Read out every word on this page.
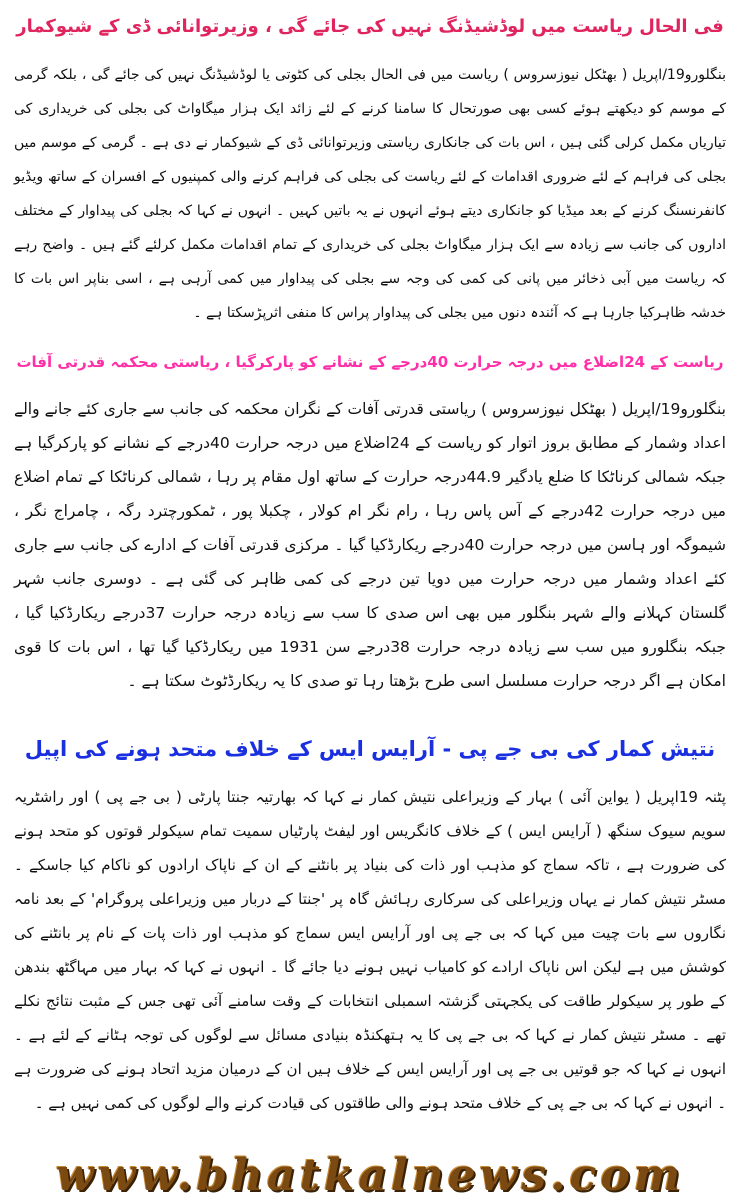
فی الحال ریاست میں لوڈشیڈنگ نہیں کی جائے گی ، وزیرتوانائی ڈی کے شیوکمار

بنگلورو19/اپریل ( بھٹکل نیوزسروس ) ریاست میں فی الحال بجلی کی کٹوتی یا لوڈشیڈنگ نہیں کی جائے گی ، بلکہ گرمی کے موسم کو دیکھتے ہوئے کسی بھی صورتحال کا سامنا کرنے کے لئے زائد ایک ہزار میگاواٹ کی بجلی کی خریداری کی تیاریاں مکمل کرلی گئی ہیں ، اس بات کی جانکاری ریاستی وزیرتوانائی ڈی کے شیوکمار نے دی ہے ۔ گرمی کے موسم میں بجلی کی فراہم کے لئے ضروری اقدامات کے لئے ریاست کی بجلی کی فراہم کرنے والی کمپنیوں کے افسران کے ساتھ ویڈیو کانفرنسنگ کرنے کے بعد میڈیا کو جانکاری دیتے ہوئے انہوں نے یہ باتیں کہیں ۔ انہوں نے کہا کہ بجلی کی پیداوار کے مختلف اداروں کی جانب سے زیادہ سے ایک ہزار میگاواٹ بجلی کی خریداری کے تمام اقدامات مکمل کرلئے گئے ہیں ۔ واضح رہے کہ ریاست میں آبی ذخائر میں پانی کی کمی کی وجہ سے بجلی کی پیداوار میں کمی آرہی ہے ، اسی بناپر اس بات کا خدشہ ظاہرکیا جارہا ہے کہ آئندہ دنوں میں بجلی کی پیداوار پراس کا منفی اثرپڑسکتا ہے ۔

ریاست کے 24اضلاع میں درجہ حرارت 40درجے کے نشانے کو پارکرگیا ، ریاستی محکمہ قدرتی آفات

بنگلورو19/اپریل ( بھٹکل نیوزسروس ) ریاستی قدرتی آفات کے نگران محکمہ کی جانب سے جاری کئے جانے والے اعداد وشمار کے مطابق بروز اتوار کو ریاست کے 24اضلاع میں درجہ حرارت 40درجے کے نشانے کو پارکرگیا ہے جبکہ شمالی کرناٹکا کا ضلع یادگیر 44.9درجہ حرارت کے ساتھ اول مقام پر رہا ، شمالی کرناٹکا کے تمام اضلاع میں درجہ حرارت 42درجے کے آس پاس رہا ، رام نگر ام کولار ، چکبلا پور ، ٹمکورچترد رگہ ، چامراج نگر ، شیموگہ اور ہاسن میں درجہ حرارت 40درجے ریکارڈکیا گیا ۔ مرکزی قدرتی آفات کے ادارے کی جانب سے جاری کئے اعداد وشمار میں درجہ حرارت میں دویا تین درجے کی کمی ظاہر کی گئی ہے ۔ دوسری جانب شہر گلستان کہلانے والے شہر بنگلور میں بھی اس صدی کا سب سے زیادہ درجہ حرارت 37درجے ریکارڈکیا گیا ، جبکہ بنگلورو میں سب سے زیادہ درجہ حرارت 38درجے سن 1931 میں ریکارڈکیا گیا تھا ، اس بات کا قوی امکان ہے اگر درجہ حرارت مسلسل اسی طرح بڑھتا رہا تو صدی کا یہ ریکارڈٹوٹ سکتا ہے ۔

نتیش کمار کی بی جے پی - آرایس ایس کے خلاف متحد ہونے کی اپیل

پٹنہ 19اپریل ( یواین آئی ) بہار کے وزیراعلی نتیش کمار نے کہا کہ بھارتیہ جنتا پارٹی ( بی جے پی ) اور راشٹریہ سویم سیوک سنگھ ( آرایس ایس ) کے خلاف کانگریس اور لیفٹ پارٹیاں سمیت تمام سیکولر قوتوں کو متحد ہونے کی ضرورت ہے ، تاکہ سماج کو مذہب اور ذات کی بنیاد پر بانٹنے کے ان کے ناپاک ارادوں کو ناکام کیا جاسکے ۔ مسٹر نتیش کمار نے یہاں وزیراعلی کی سرکاری رہائش گاہ پر 'جنتا کے دربار میں وزیراعلی پروگرام' کے بعد نامہ نگاروں سے بات چیت میں کہا کہ بی جے پی اور آرایس ایس سماج کو مذہب اور ذات پات کے نام پر بانٹنے کی کوشش میں ہے لیکن اس ناپاک ارادے کو کامیاب نہیں ہونے دیا جائے گا ۔ انہوں نے کہا کہ بہار میں مہاگٹھ بندھن کے طور پر سیکولر طاقت کی یکجہتی گزشتہ اسمبلی انتخابات کے وقت سامنے آئی تھی جس کے مثبت نتائج نکلے تھے ۔ مسٹر نتیش کمار نے کہا کہ بی جے پی کا یہ ہتھکنڈہ بنیادی مسائل سے لوگوں کی توجہ ہٹانے کے لئے ہے ۔ انہوں نے کہا کہ جو قوتیں بی جے پی اور آرایس ایس کے خلاف ہیں ان کے درمیان مزید اتحاد ہونے کی ضرورت ہے ۔ انہوں نے کہا کہ بی جے پی کے خلاف متحد ہونے والی طاقتوں کی قیادت کرنے والے لوگوں کی کمی نہیں ہے ۔

www.bhatkalnews.com
